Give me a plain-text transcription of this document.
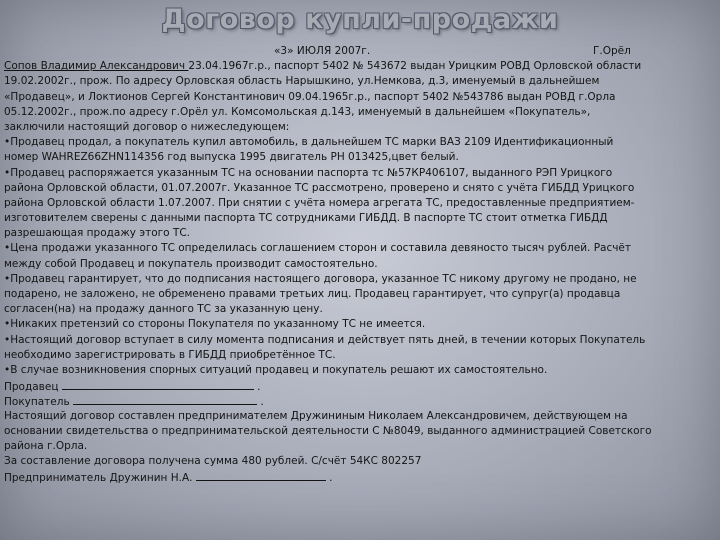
Договор купли-продажи
«3» ИЮЛЯ 2007г.	Г.Орёл
Сопов Владимир Александрович 23.04.1967г.р., паспорт 5402 № 543672 выдан Урицким РОВД Орловской области
19.02.2002г., прож. По адресу Орловская область Нарышкино, ул.Немкова, д.3, именуемый в дальнейшем
«Продавец», и Локтионов Сергей Константинович 09.04.1965г.р., паспорт 5402 №543786 выдан РОВД г.Орла
05.12.2002г., прож.по адресу г.Орёл ул. Комсомольская д.143, именуемый в дальнейшем «Покупатель»,
заключили настоящий договор о нижеследующем:
•Продавец продал, а покупатель купил автомобиль, в дальнейшем ТС марки ВАЗ 2109 Идентификационный
номер WAHREZ66ZHN114356 год выпуска 1995 двигатель РН 013425,цвет белый.
•Продавец распоряжается указанным ТС на основании паспорта тс №57КР406107, выданного РЭП Урицкого
района Орловской области, 01.07.2007г. Указанное ТС рассмотрено, проверено и снято с учёта ГИБДД Урицкого
района Орловской области 1.07.2007. При снятии с учёта номера агрегата ТС, предоставленные предприятием-
изготовителем сверены с данными паспорта ТС сотрудниками ГИБДД. В паспорте ТС стоит отметка ГИБДД
разрешающая продажу этого ТС.
•Цена продажи указанного ТС определилась соглашением сторон и составила девяносто тысяч рублей. Расчёт
между собой Продавец и покупатель производит самостоятельно.
•Продавец гарантирует, что до подписания настоящего договора, указанное ТС никому другому не продано, не
подарено, не заложено, не обременено правами третьих лиц. Продавец гарантирует, что супруг(а) продавца
согласен(на) на продажу данного ТС за указанную цену.
•Никаких претензий со стороны Покупателя по указанному ТС не имеется.
•Настоящий договор вступает в силу момента подписания и действует пять дней, в течении которых Покупатель
необходимо зарегистрировать в ГИБДД приобретённое ТС.
•В случае возникновения спорных ситуаций продавец и покупатель решают их самостоятельно.
Продавец	.
Покупатель	.
Настоящий договор составлен предпринимателем Дружининым Николаем Александровичем, действующем на
основании свидетельства о предпринимательской деятельности С №8049, выданного администрацией Советского
района г.Орла.
За составление договора получена сумма 480 рублей. С/счёт 54КС 802257
Предприниматель Дружинин Н.А.	.
